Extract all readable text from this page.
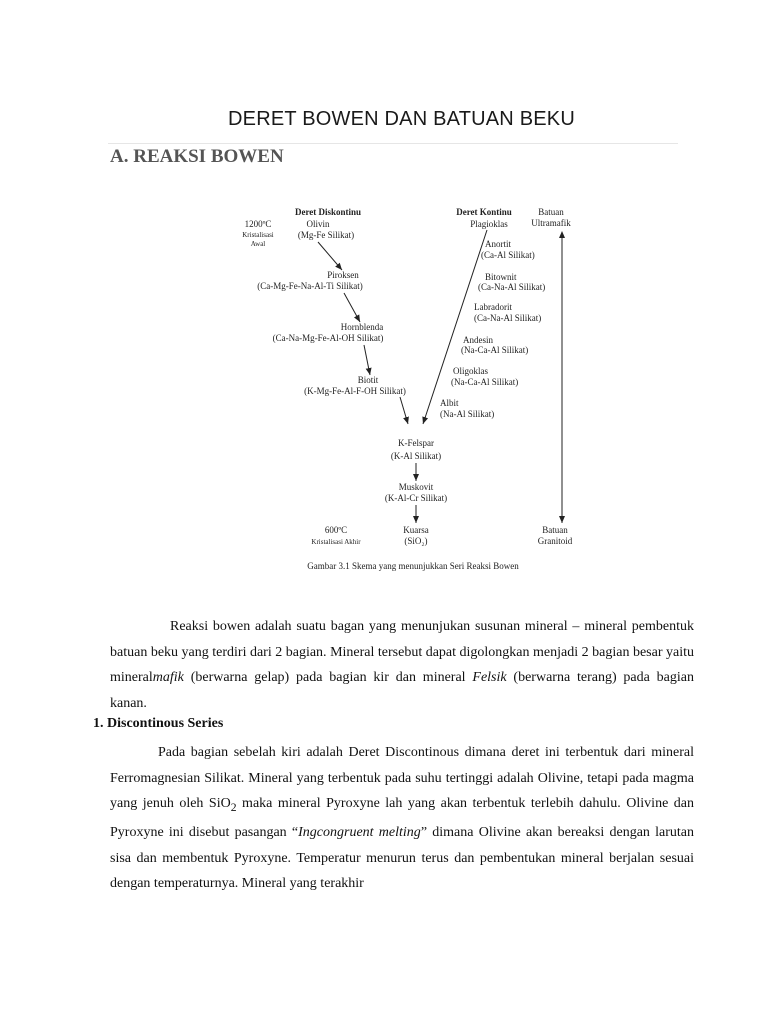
DERET BOWEN DAN BATUAN BEKU
A. REAKSI BOWEN
Deret Diskontinu	Deret Kontinu	Batuan
Ultramafik
1200ºC
Kristalisasi
Awal
Olivin
(Mg-Fe Silikat)
Piroksen
(Ca-Mg-Fe-Na-Al-Ti Silikat)
Hornblenda
(Ca-Na-Mg-Fe-Al-OH Silikat)
Biotit
(K-Mg-Fe-Al-F-OH Silikat)
Plagioklas
Anortit
(Ca-Al Silikat)
Bitownit
(Ca-Na-Al Silikat)
Labradorit
(Ca-Na-Al Silikat)
Andesin
(Na-Ca-Al Silikat)
Oligoklas
(Na-Ca-Al Silikat)
Albit
(Na-Al Silikat)
K-Felspar
(K-Al Silikat)
Muskovit
(K-Al-Cr Silikat)
Kuarsa
(SiO₂)
600ºC
Kristalisasi Akhir
Batuan
Granitoid
Gambar 3.1 Skema yang menunjukkan Seri Reaksi Bowen

Reaksi bowen adalah suatu bagan yang menunjukan susunan mineral – mineral pembentuk batuan beku yang terdiri dari 2 bagian. Mineral tersebut dapat digolongkan menjadi 2 bagian besar yaitu mineralmafik (berwarna gelap) pada bagian kir dan mineral Felsik (berwarna terang) pada bagian kanan.

1. Discontinous Series

Pada bagian sebelah kiri adalah Deret Discontinous dimana deret ini terbentuk dari mineral Ferromagnesian Silikat. Mineral yang terbentuk pada suhu tertinggi adalah Olivine, tetapi pada magma yang jenuh oleh SiO$_2$ maka mineral Pyroxyne lah yang akan terbentuk terlebih dahulu. Olivine dan Pyroxyne ini disebut pasangan “Ingcongruent melting” dimana Olivine akan bereaksi dengan larutan sisa dan membentuk Pyroxyne. Temperatur menurun terus dan pembentukan mineral berjalan sesuai dengan temperaturnya. Mineral yang terakhir
